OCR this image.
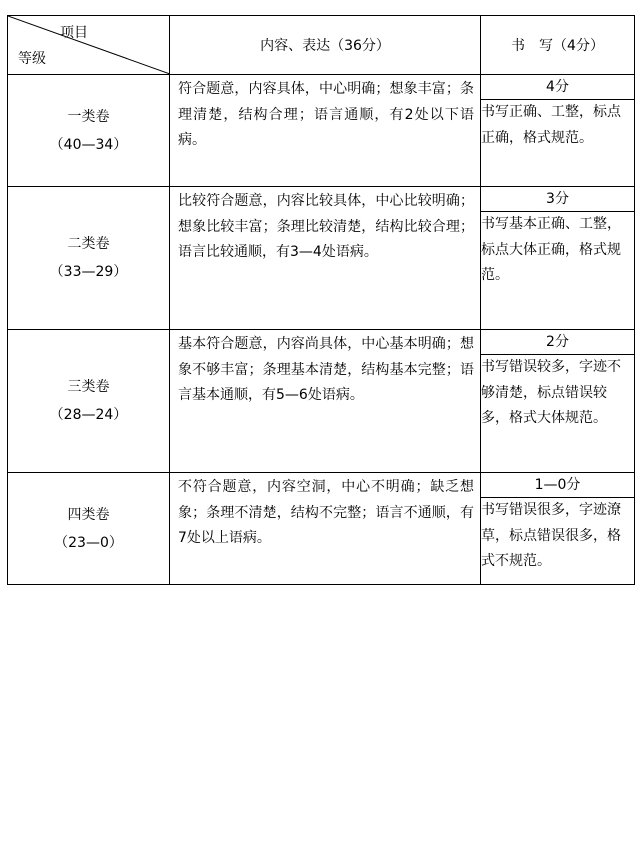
项目
等级	内容、表达（36分）	书　写（4分）

一类卷
（40—34）	符合题意，内容具体，中心明确；想象丰富；条理清楚，结构合理；语言通顺，有2处以下语病。	4分
		书写正确、工整，标点正确，格式规范。

二类卷
（33—29）	比较符合题意，内容比较具体，中心比较明确；想象比较丰富；条理比较清楚，结构比较合理；语言比较通顺，有3—4处语病。	3分
		书写基本正确、工整，标点大体正确，格式规范。

三类卷
（28—24）	基本符合题意，内容尚具体，中心基本明确；想象不够丰富；条理基本清楚，结构基本完整；语言基本通顺，有5—6处语病。	2分
		书写错误较多，字迹不够清楚，标点错误较多，格式大体规范。

四类卷
（23—0）	不符合题意，内容空洞，中心不明确；缺乏想象；条理不清楚，结构不完整；语言不通顺，有7处以上语病。	1—0分
		书写错误很多，字迹潦草，标点错误很多，格式不规范。
